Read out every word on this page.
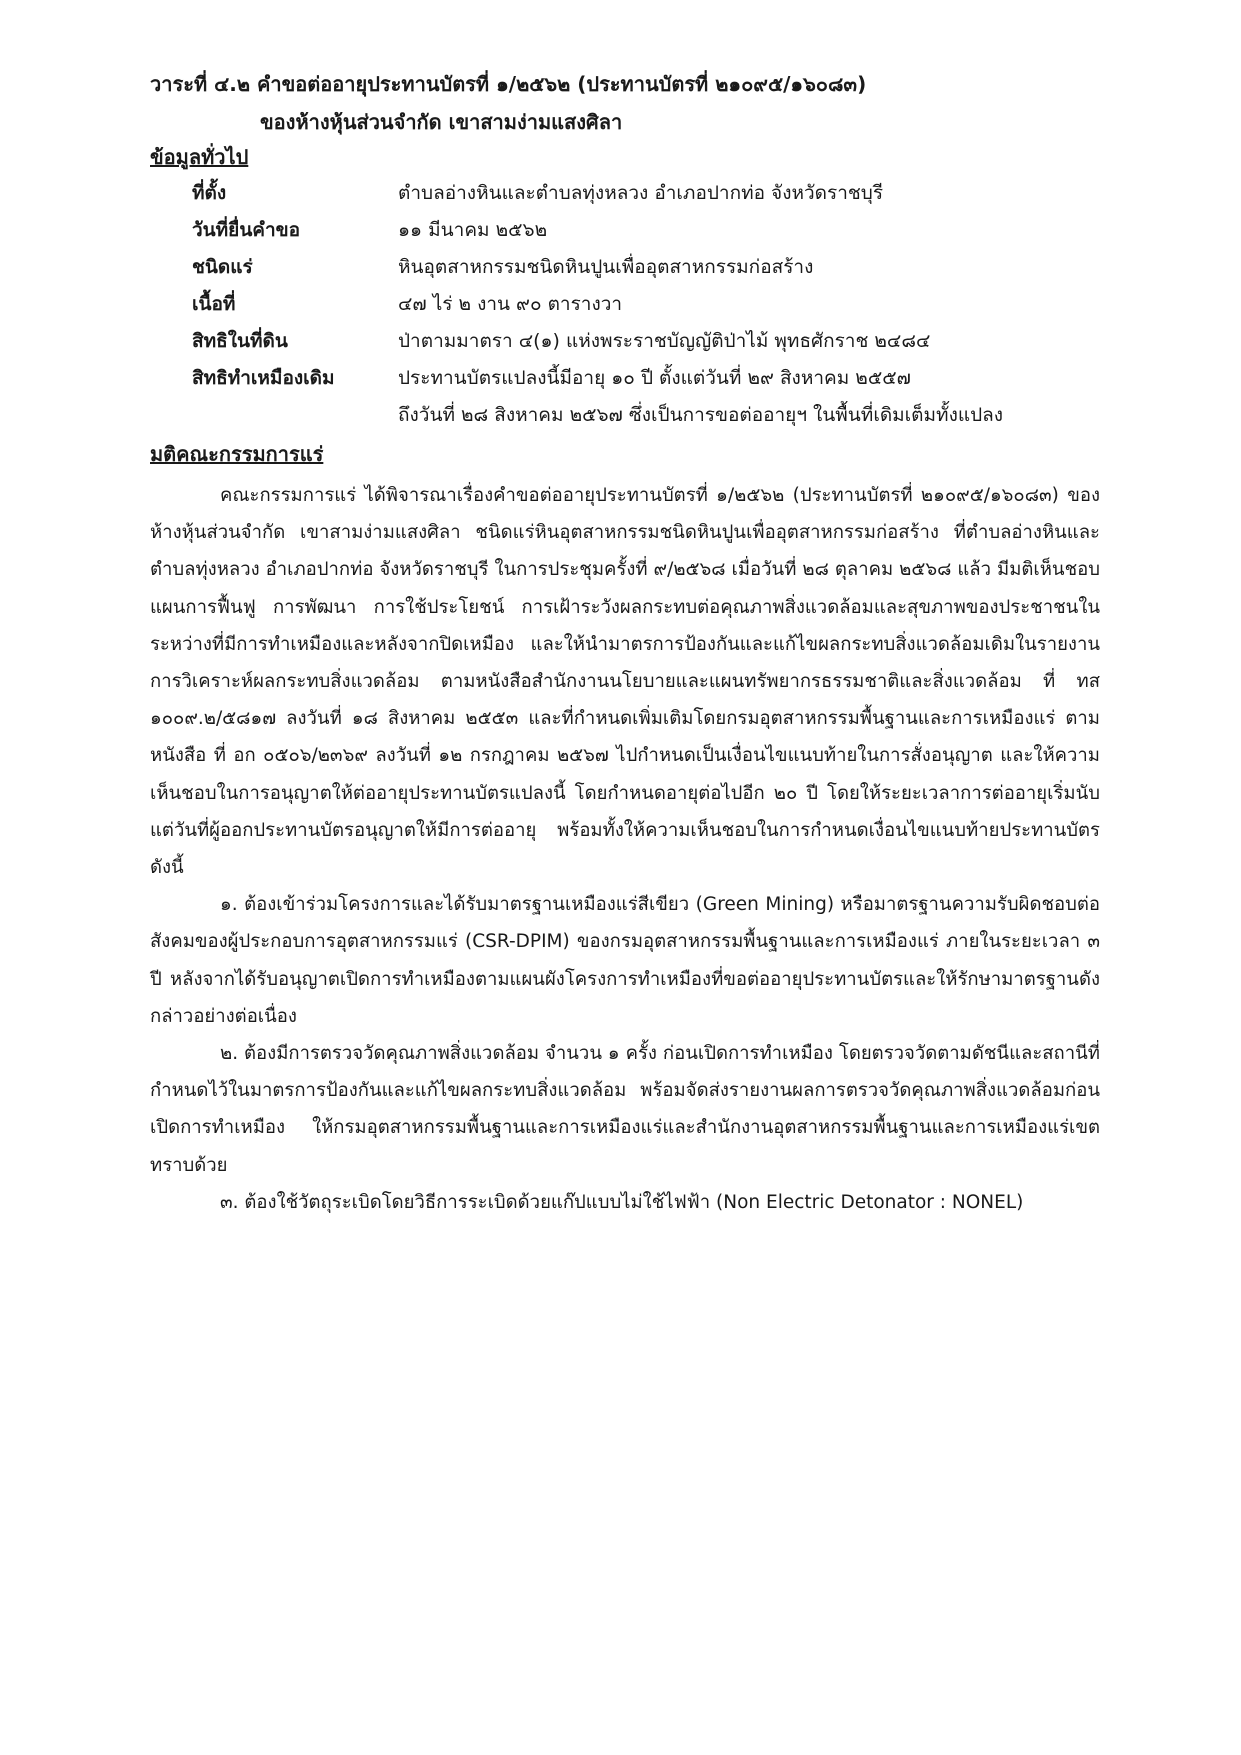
วาระที่ ๔.๒ คำขอต่ออายุประทานบัตรที่ ๑/๒๕๖๒ (ประทานบัตรที่ ๒๑๐๙๕/๑๖๐๘๓)
ของห้างหุ้นส่วนจำกัด เขาสามง่ามแสงศิลา
ข้อมูลทั่วไป
ที่ตั้ง	ตำบลอ่างหินและตำบลทุ่งหลวง อำเภอปากท่อ จังหวัดราชบุรี
วันที่ยื่นคำขอ	๑๑ มีนาคม ๒๕๖๒
ชนิดแร่	หินอุตสาหกรรมชนิดหินปูนเพื่ออุตสาหกรรมก่อสร้าง
เนื้อที่	๔๗ ไร่ ๒ งาน ๙๐ ตารางวา
สิทธิในที่ดิน	ป่าตามมาตรา ๔(๑) แห่งพระราชบัญญัติป่าไม้ พุทธศักราช ๒๔๘๔
สิทธิทำเหมืองเดิม	ประทานบัตรแปลงนี้มีอายุ ๑๐ ปี ตั้งแต่วันที่ ๒๙ สิงหาคม ๒๕๕๗
ถึงวันที่ ๒๘ สิงหาคม ๒๕๖๗ ซึ่งเป็นการขอต่ออายุฯ ในพื้นที่เดิมเต็มทั้งแปลง
มติคณะกรรมการแร่

คณะกรรมการแร่ ได้พิจารณาเรื่องคำขอต่ออายุประทานบัตรที่ ๑/๒๕๖๒ (ประทานบัตรที่ ๒๑๐๙๕/๑๖๐๘๓) ของห้างหุ้นส่วนจำกัด เขาสามง่ามแสงศิลา ชนิดแร่หินอุตสาหกรรมชนิดหินปูนเพื่ออุตสาหกรรมก่อสร้าง ที่ตำบลอ่างหินและตำบลทุ่งหลวง อำเภอปากท่อ จังหวัดราชบุรี ในการประชุมครั้งที่ ๙/๒๕๖๘ เมื่อวันที่ ๒๘ ตุลาคม ๒๕๖๘ แล้ว มีมติเห็นชอบแผนการฟื้นฟู การพัฒนา การใช้ประโยชน์ การเฝ้าระวังผลกระทบต่อคุณภาพสิ่งแวดล้อมและสุขภาพของประชาชนในระหว่างที่มีการทำเหมืองและหลังจากปิดเหมือง และให้นำมาตรการป้องกันและแก้ไขผลกระทบสิ่งแวดล้อมเดิมในรายงานการวิเคราะห์ผลกระทบสิ่งแวดล้อม ตามหนังสือสำนักงานนโยบายและแผนทรัพยากรธรรมชาติและสิ่งแวดล้อม ที่ ทส ๑๐๐๙.๒/๕๘๑๗ ลงวันที่ ๑๘ สิงหาคม ๒๕๕๓ และที่กำหนดเพิ่มเติมโดยกรมอุตสาหกรรมพื้นฐานและการเหมืองแร่ ตามหนังสือ ที่ อก ๐๕๐๖/๒๓๖๙ ลงวันที่ ๑๒ กรกฎาคม ๒๕๖๗ ไปกำหนดเป็นเงื่อนไขแนบท้ายในการสั่งอนุญาต และให้ความเห็นชอบในการอนุญาตให้ต่ออายุประทานบัตรแปลงนี้ โดยกำหนดอายุต่อไปอีก ๒๐ ปี โดยให้ระยะเวลาการต่ออายุเริ่มนับแต่วันที่ผู้ออกประทานบัตรอนุญาตให้มีการต่ออายุ พร้อมทั้งให้ความเห็นชอบในการกำหนดเงื่อนไขแนบท้ายประทานบัตร ดังนี้

๑. ต้องเข้าร่วมโครงการและได้รับมาตรฐานเหมืองแร่สีเขียว (Green Mining) หรือมาตรฐานความรับผิดชอบต่อสังคมของผู้ประกอบการอุตสาหกรรมแร่ (CSR-DPIM) ของกรมอุตสาหกรรมพื้นฐานและการเหมืองแร่ ภายในระยะเวลา ๓ ปี หลังจากได้รับอนุญาตเปิดการทำเหมืองตามแผนผังโครงการทำเหมืองที่ขอต่ออายุประทานบัตรและให้รักษามาตรฐานดังกล่าวอย่างต่อเนื่อง

๒. ต้องมีการตรวจวัดคุณภาพสิ่งแวดล้อม จำนวน ๑ ครั้ง ก่อนเปิดการทำเหมือง โดยตรวจวัดตามดัชนีและสถานีที่กำหนดไว้ในมาตรการป้องกันและแก้ไขผลกระทบสิ่งแวดล้อม พร้อมจัดส่งรายงานผลการตรวจวัดคุณภาพสิ่งแวดล้อมก่อนเปิดการทำเหมือง ให้กรมอุตสาหกรรมพื้นฐานและการเหมืองแร่และสำนักงานอุตสาหกรรมพื้นฐานและการเหมืองแร่เขตทราบด้วย

๓. ต้องใช้วัตถุระเบิดโดยวิธีการระเบิดด้วยแก๊ปแบบไม่ใช้ไฟฟ้า (Non Electric Detonator : NONEL)
